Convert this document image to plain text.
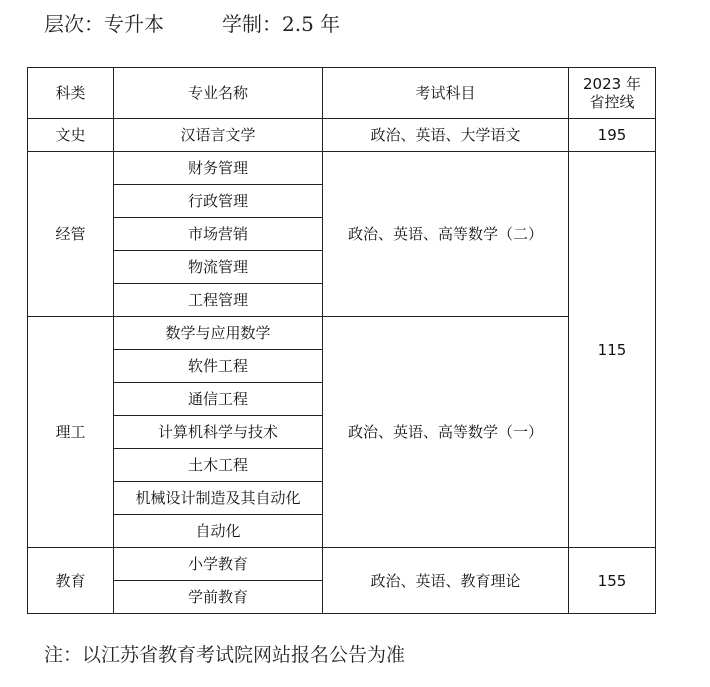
层次：专升本	学制：2.5 年
科类	专业名称	考试科目	2023 年
省控线
文史	汉语言文学	政治、英语、大学语文	195
经管	财务管理	政治、英语、高等数学（二）	115
	行政管理		
	市场营销		
	物流管理		
	工程管理		
理工	数学与应用数学	政治、英语、高等数学（一）	
	软件工程		
	通信工程		
	计算机科学与技术		
	土木工程		
	机械设计制造及其自动化		
	自动化		
教育	小学教育	政治、英语、教育理论	155
	学前教育		
注：以江苏省教育考试院网站报名公告为准
